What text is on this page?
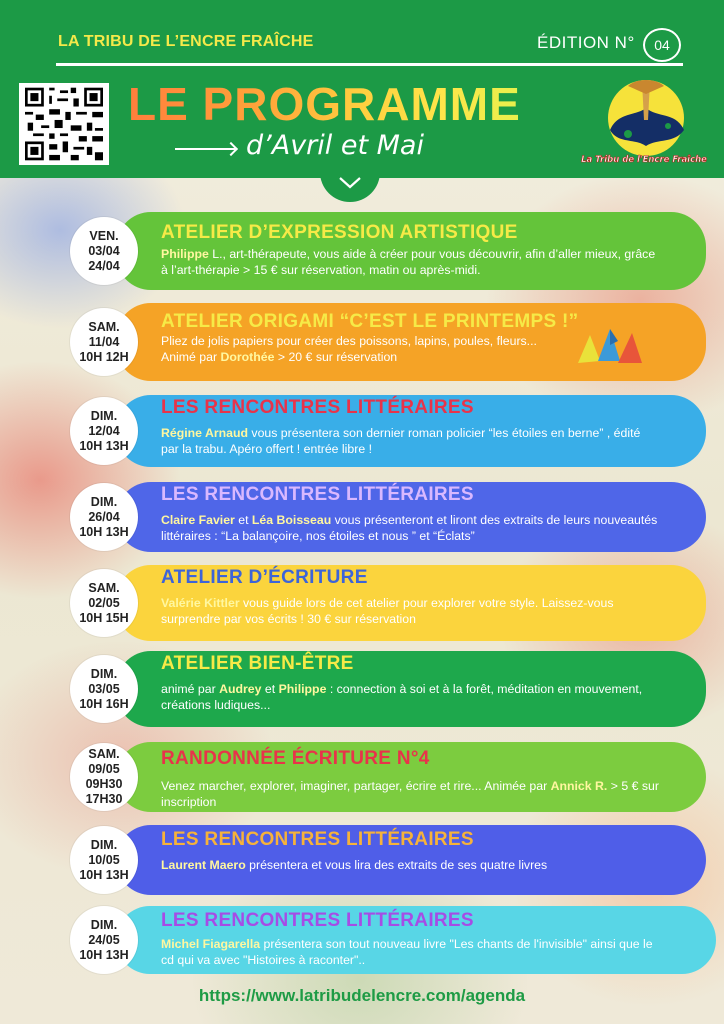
LA TRIBU DE L’ENCRE FRAÎCHE	ÉDITION N°	04
LE PROGRAMME
d’Avril et Mai	La Tribu de l'Encre Fraîche
VEN.
03/04
24/04
ATELIER D’EXPRESSION ARTISTIQUE
Philippe L., art-thérapeute, vous aide à créer pour vous découvrir, afin d’aller mieux, grâce à l’art-thérapie > 15 € sur réservation, matin ou après-midi.
SAM.
11/04
10H 12H
ATELIER ORIGAMI “C’EST LE PRINTEMPS !”
Pliez de jolis papiers pour créer des poissons, lapins, poules, fleurs... Animé par Dorothée > 20 € sur réservation
DIM.
12/04
10H 13H
LES RENCONTRES LITTÉRAIRES
Régine Arnaud vous présentera son dernier roman policier “les étoiles en berne” , édité par la trabu. Apéro offert ! entrée libre !
DIM.
26/04
10H 13H
LES RENCONTRES LITTÉRAIRES
Claire Favier et Léa Boisseau vous présenteront et liront des extraits de leurs nouveautés littéraires : “La balançoire, nos étoiles et nous ” et “Éclats”
SAM.
02/05
10H 15H
ATELIER D’ÉCRITURE
Valérie Kittler vous guide lors de cet atelier pour explorer votre style. Laissez-vous surprendre par vos écrits ! 30 € sur réservation
DIM.
03/05
10H 16H
ATELIER BIEN-ÊTRE
animé par Audrey et Philippe : connection à soi et à la forêt, méditation en mouvement, créations ludiques...
SAM.
09/05
09H30
17H30
RANDONNÉE ÉCRITURE N°4
Venez marcher, explorer, imaginer, partager, écrire et rire... Animée par Annick R. > 5 € sur inscription
DIM.
10/05
10H 13H
LES RENCONTRES LITTÉRAIRES
Laurent Maero présentera et vous lira des extraits de ses quatre livres
DIM.
24/05
10H 13H
LES RENCONTRES LITTÉRAIRES
Michel Fiagarella présentera son tout nouveau livre "Les chants de l'invisible" ainsi que le cd qui va avec "Histoires à raconter"..
https://www.latribudelencre.com/agenda
